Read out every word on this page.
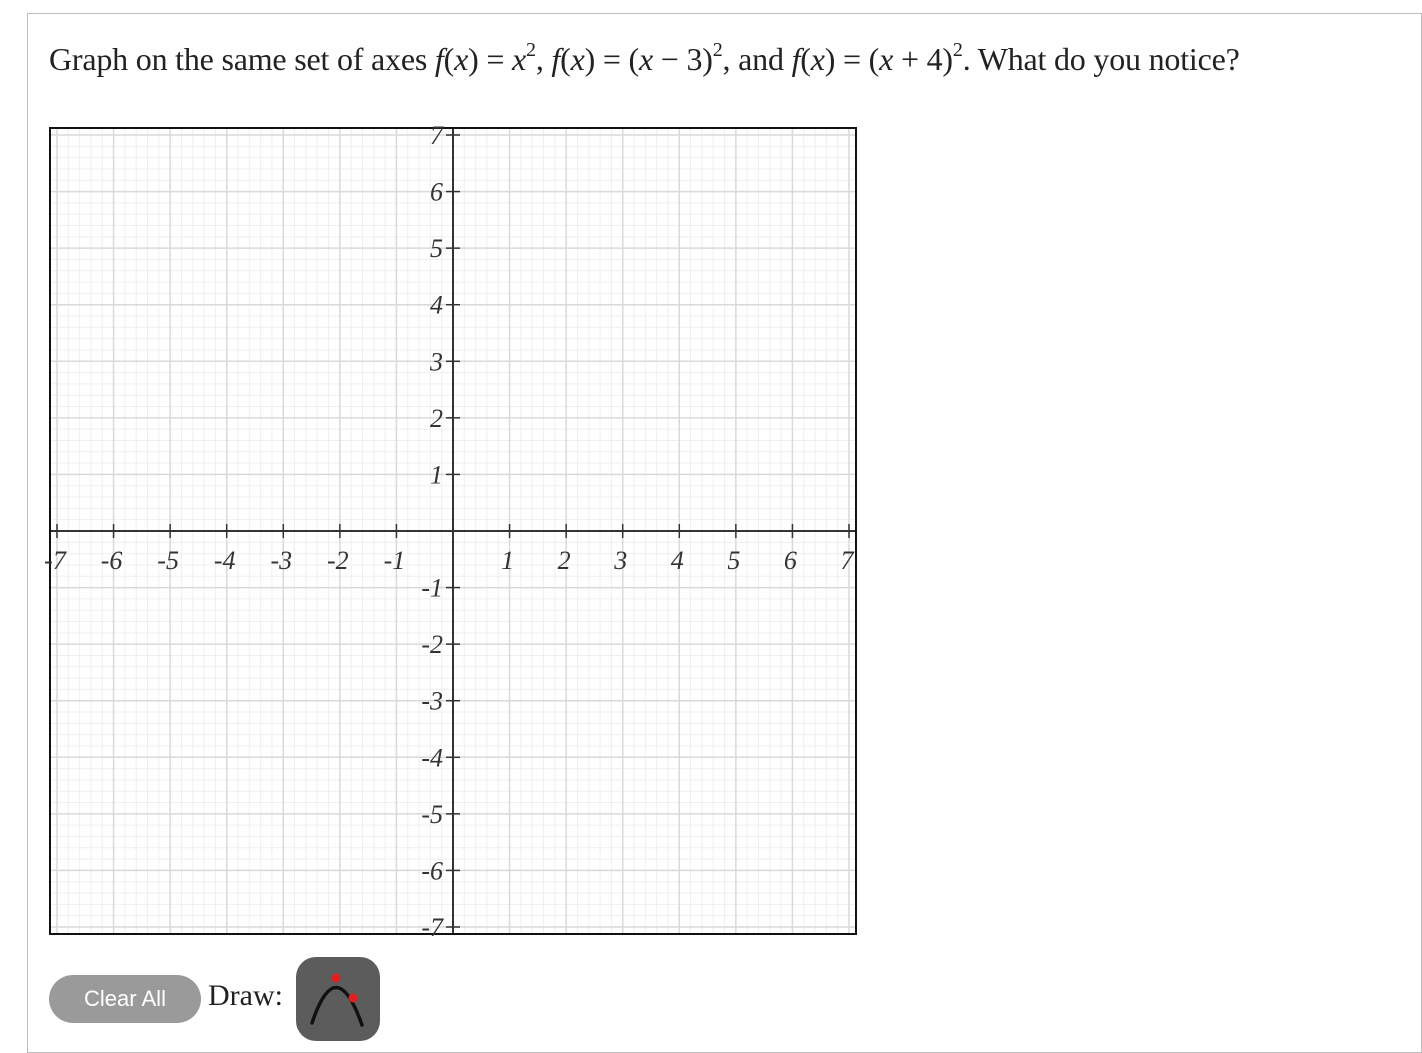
Graph on the same set of axes $f(x) = x^2$, $f(x) = (x - 3)^2$, and $f(x) = (x + 4)^2$. What do you notice?
-7 -6 -5 -4 -3 -2 -1	1 2 3 4 5 6 7
7
6
5
4
3
2
1
-1
-2
-3
-4
-5
-6
-7
Clear All	Draw:
